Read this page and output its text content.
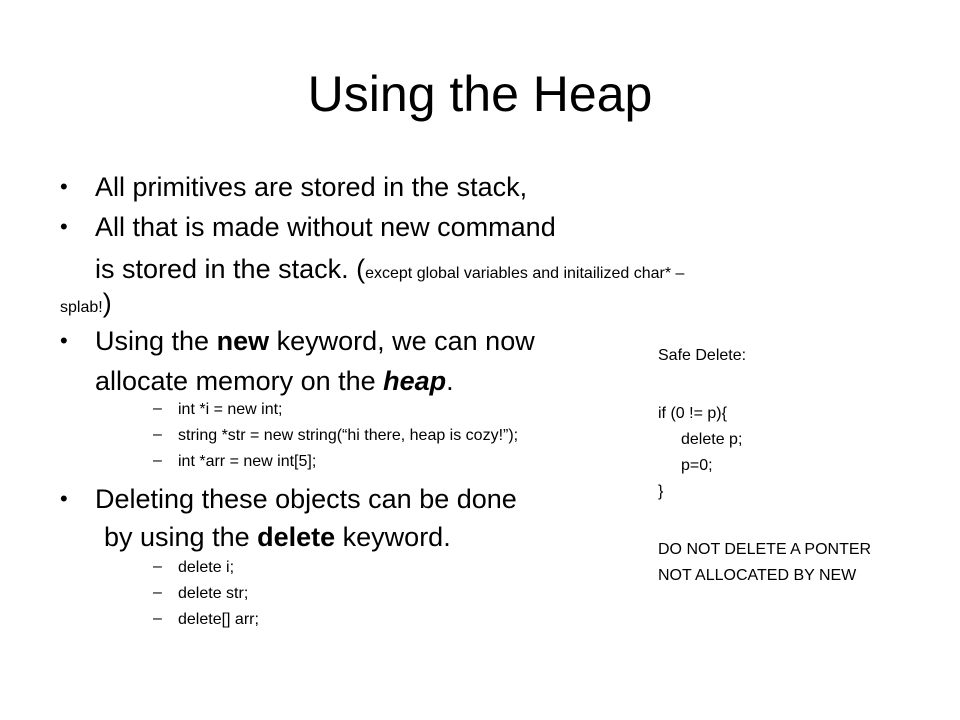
Using the Heap
• All primitives are stored in the stack,
• All that is made without new command
is stored in the stack. (except global variables and initailized char* –
splab!)
• Using the new keyword, we can now
allocate memory on the heap.
– int *i = new int;
– string *str = new string(“hi there, heap is cozy!”);
– int *arr = new int[5];
• Deleting these objects can be done
by using the delete keyword.
– delete i;
– delete str;
– delete[] arr;
Safe Delete:
if (0 != p){
delete p;
p=0;
}
DO NOT DELETE A PONTER
NOT ALLOCATED BY NEW
